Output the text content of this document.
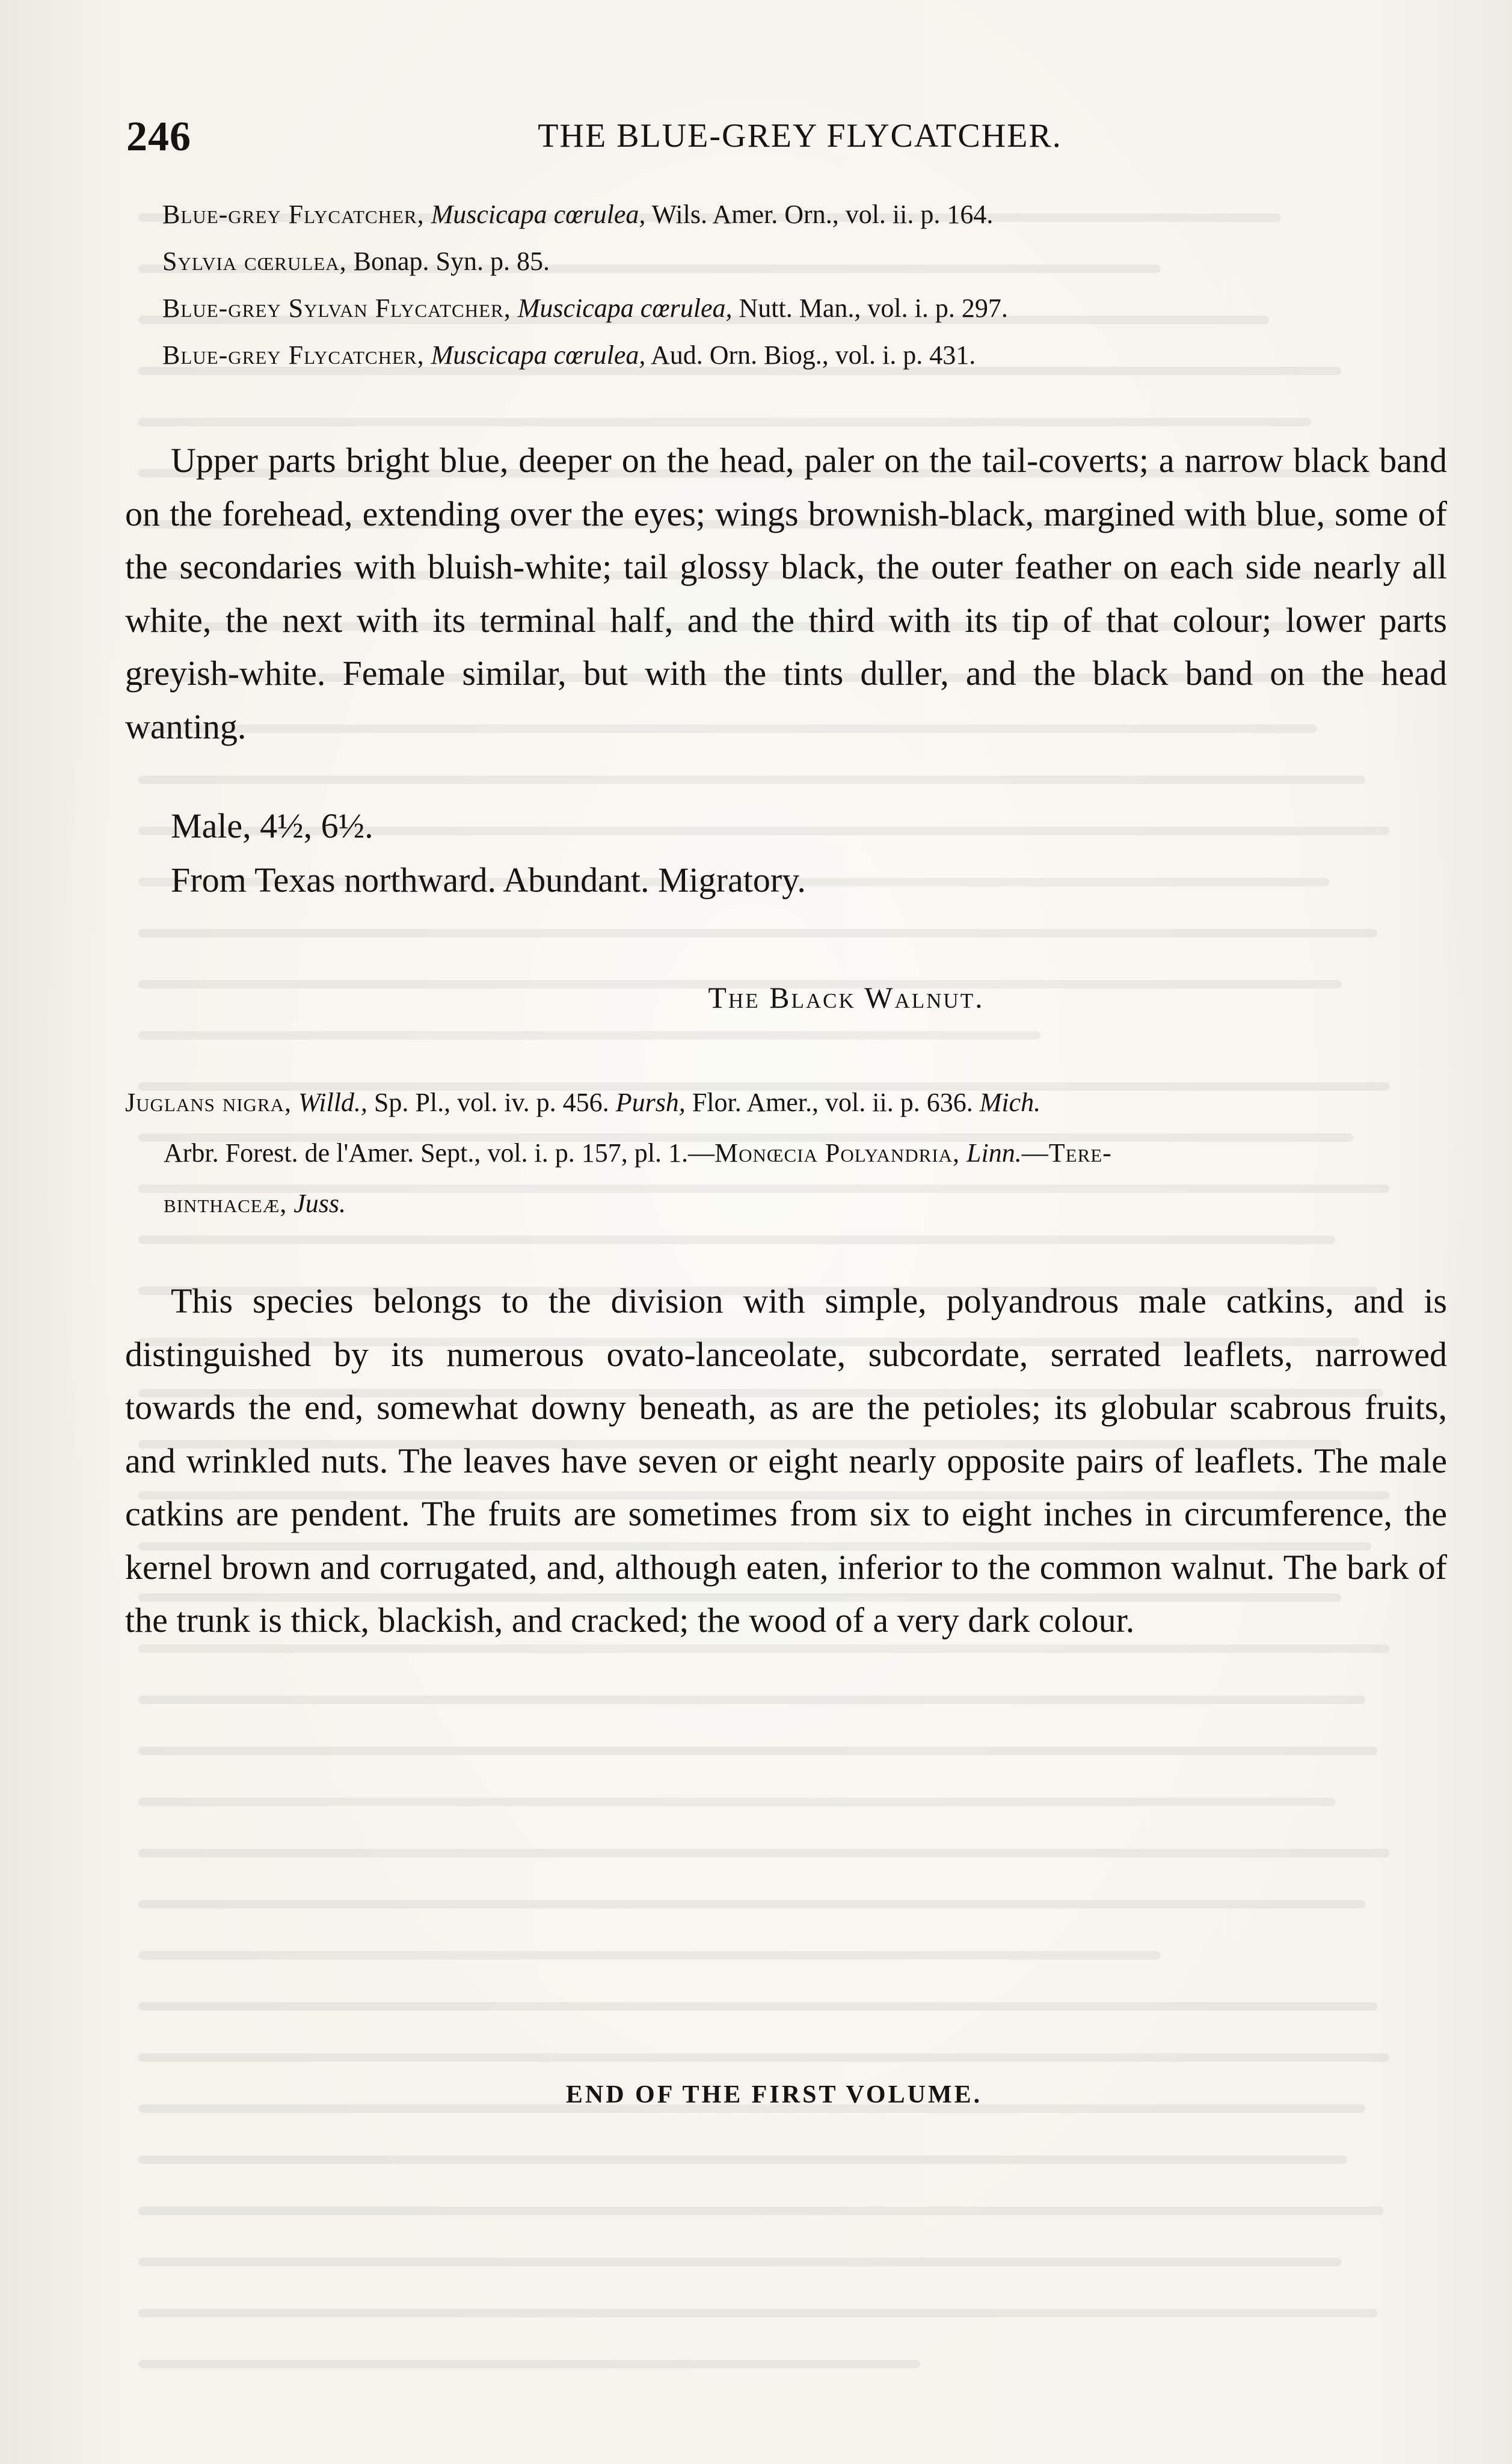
246	THE BLUE-GREY FLYCATCHER.
Blue-grey Flycatcher, Muscicapa cœrulea, Wils. Amer. Orn., vol. ii. p. 164.
Sylvia cœrulea, Bonap. Syn. p. 85.
Blue-grey Sylvan Flycatcher, Muscicapa cœrulea, Nutt. Man., vol. i. p. 297.
Blue-grey Flycatcher, Muscicapa cœrulea, Aud. Orn. Biog., vol. i. p. 431.

Upper parts bright blue, deeper on the head, paler on the tail-coverts; a narrow black band on the forehead, extending over the eyes; wings brownish-black, margined with blue, some of the secondaries with bluish-white; tail glossy black, the outer feather on each side nearly all white, the next with its terminal half, and the third with its tip of that colour; lower parts greyish-white. Female similar, but with the tints duller, and the black band on the head wanting.

Male, 4½, 6½.
From Texas northward. Abundant. Migratory.
The Black Walnut.
Juglans nigra, Willd., Sp. Pl., vol. iv. p. 456. Pursh, Flor. Amer., vol. ii. p. 636. Mich.
Arbr. Forest. de l'Amer. Sept., vol. i. p. 157, pl. 1.—Monœcia Polyandria, Linn.—Tere-
binthaceæ, Juss.

This species belongs to the division with simple, polyandrous male catkins, and is distinguished by its numerous ovato-lanceolate, subcordate, serrated leaflets, narrowed towards the end, somewhat downy beneath, as are the petioles; its globular scabrous fruits, and wrinkled nuts. The leaves have seven or eight nearly opposite pairs of leaflets. The male catkins are pendent. The fruits are sometimes from six to eight inches in circumference, the kernel brown and corrugated, and, although eaten, inferior to the common walnut. The bark of the trunk is thick, blackish, and cracked; the wood of a very dark colour.

END OF THE FIRST VOLUME.
